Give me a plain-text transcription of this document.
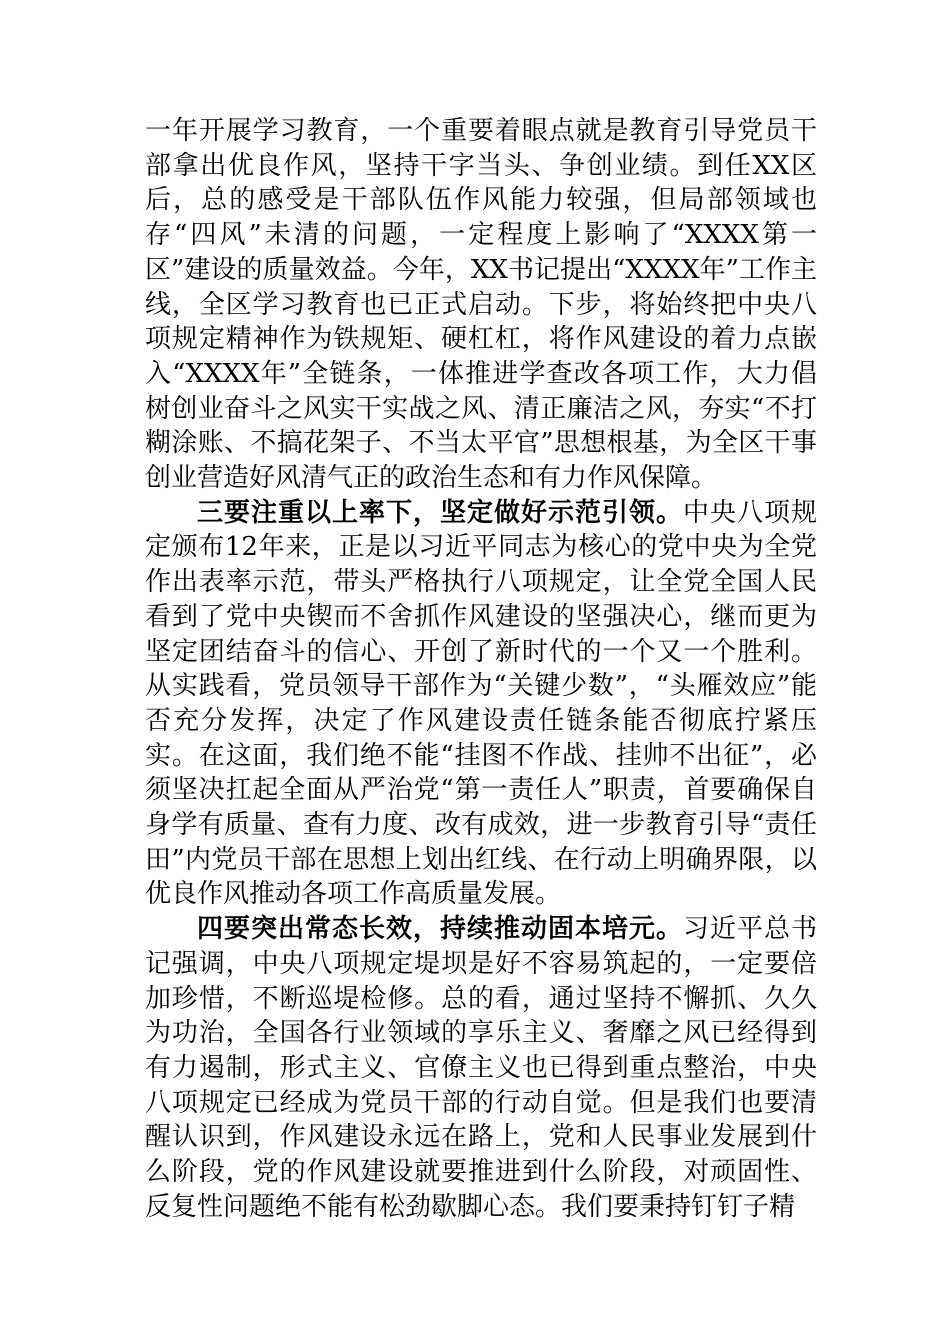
一年开展学习教育，一个重要着眼点就是教育引导党员干部拿出优良作风，坚持干字当头、争创业绩。到任XX区后，总的感受是干部队伍作风能力较强，但局部领域也存“四风”未清的问题，一定程度上影响了“XXXX第一区”建设的质量效益。今年，XX书记提出“XXXX年”工作主线，全区学习教育也已正式启动。下步，将始终把中央八项规定精神作为铁规矩、硬杠杠，将作风建设的着力点嵌入“XXXX年”全链条，一体推进学查改各项工作，大力倡树创业奋斗之风实干实战之风、清正廉洁之风，夯实“不打糊涂账、不搞花架子、不当太平官”思想根基，为全区干事创业营造好风清气正的政治生态和有力作风保障。

三要注重以上率下，坚定做好示范引领。中央八项规定颁布12年来，正是以习近平同志为核心的党中央为全党作出表率示范，带头严格执行八项规定，让全党全国人民看到了党中央锲而不舍抓作风建设的坚强决心，继而更为坚定团结奋斗的信心、开创了新时代的一个又一个胜利。从实践看，党员领导干部作为“关键少数”，“头雁效应”能否充分发挥，决定了作风建设责任链条能否彻底拧紧压实。在这面，我们绝不能“挂图不作战、挂帅不出征”，必须坚决扛起全面从严治党“第一责任人”职责，首要确保自身学有质量、查有力度、改有成效，进一步教育引导“责任田”内党员干部在思想上划出红线、在行动上明确界限，以优良作风推动各项工作高质量发展。

四要突出常态长效，持续推动固本培元。习近平总书记强调，中央八项规定堤坝是好不容易筑起的，一定要倍加珍惜，不断巡堤检修。总的看，通过坚持不懈抓、久久为功治，全国各行业领域的享乐主义、奢靡之风已经得到有力遏制，形式主义、官僚主义也已得到重点整治，中央八项规定已经成为党员干部的行动自觉。但是我们也要清醒认识到，作风建设永远在路上，党和人民事业发展到什么阶段，党的作风建设就要推进到什么阶段，对顽固性、反复性问题绝不能有松劲歇脚心态。我们要秉持钉钉子精
